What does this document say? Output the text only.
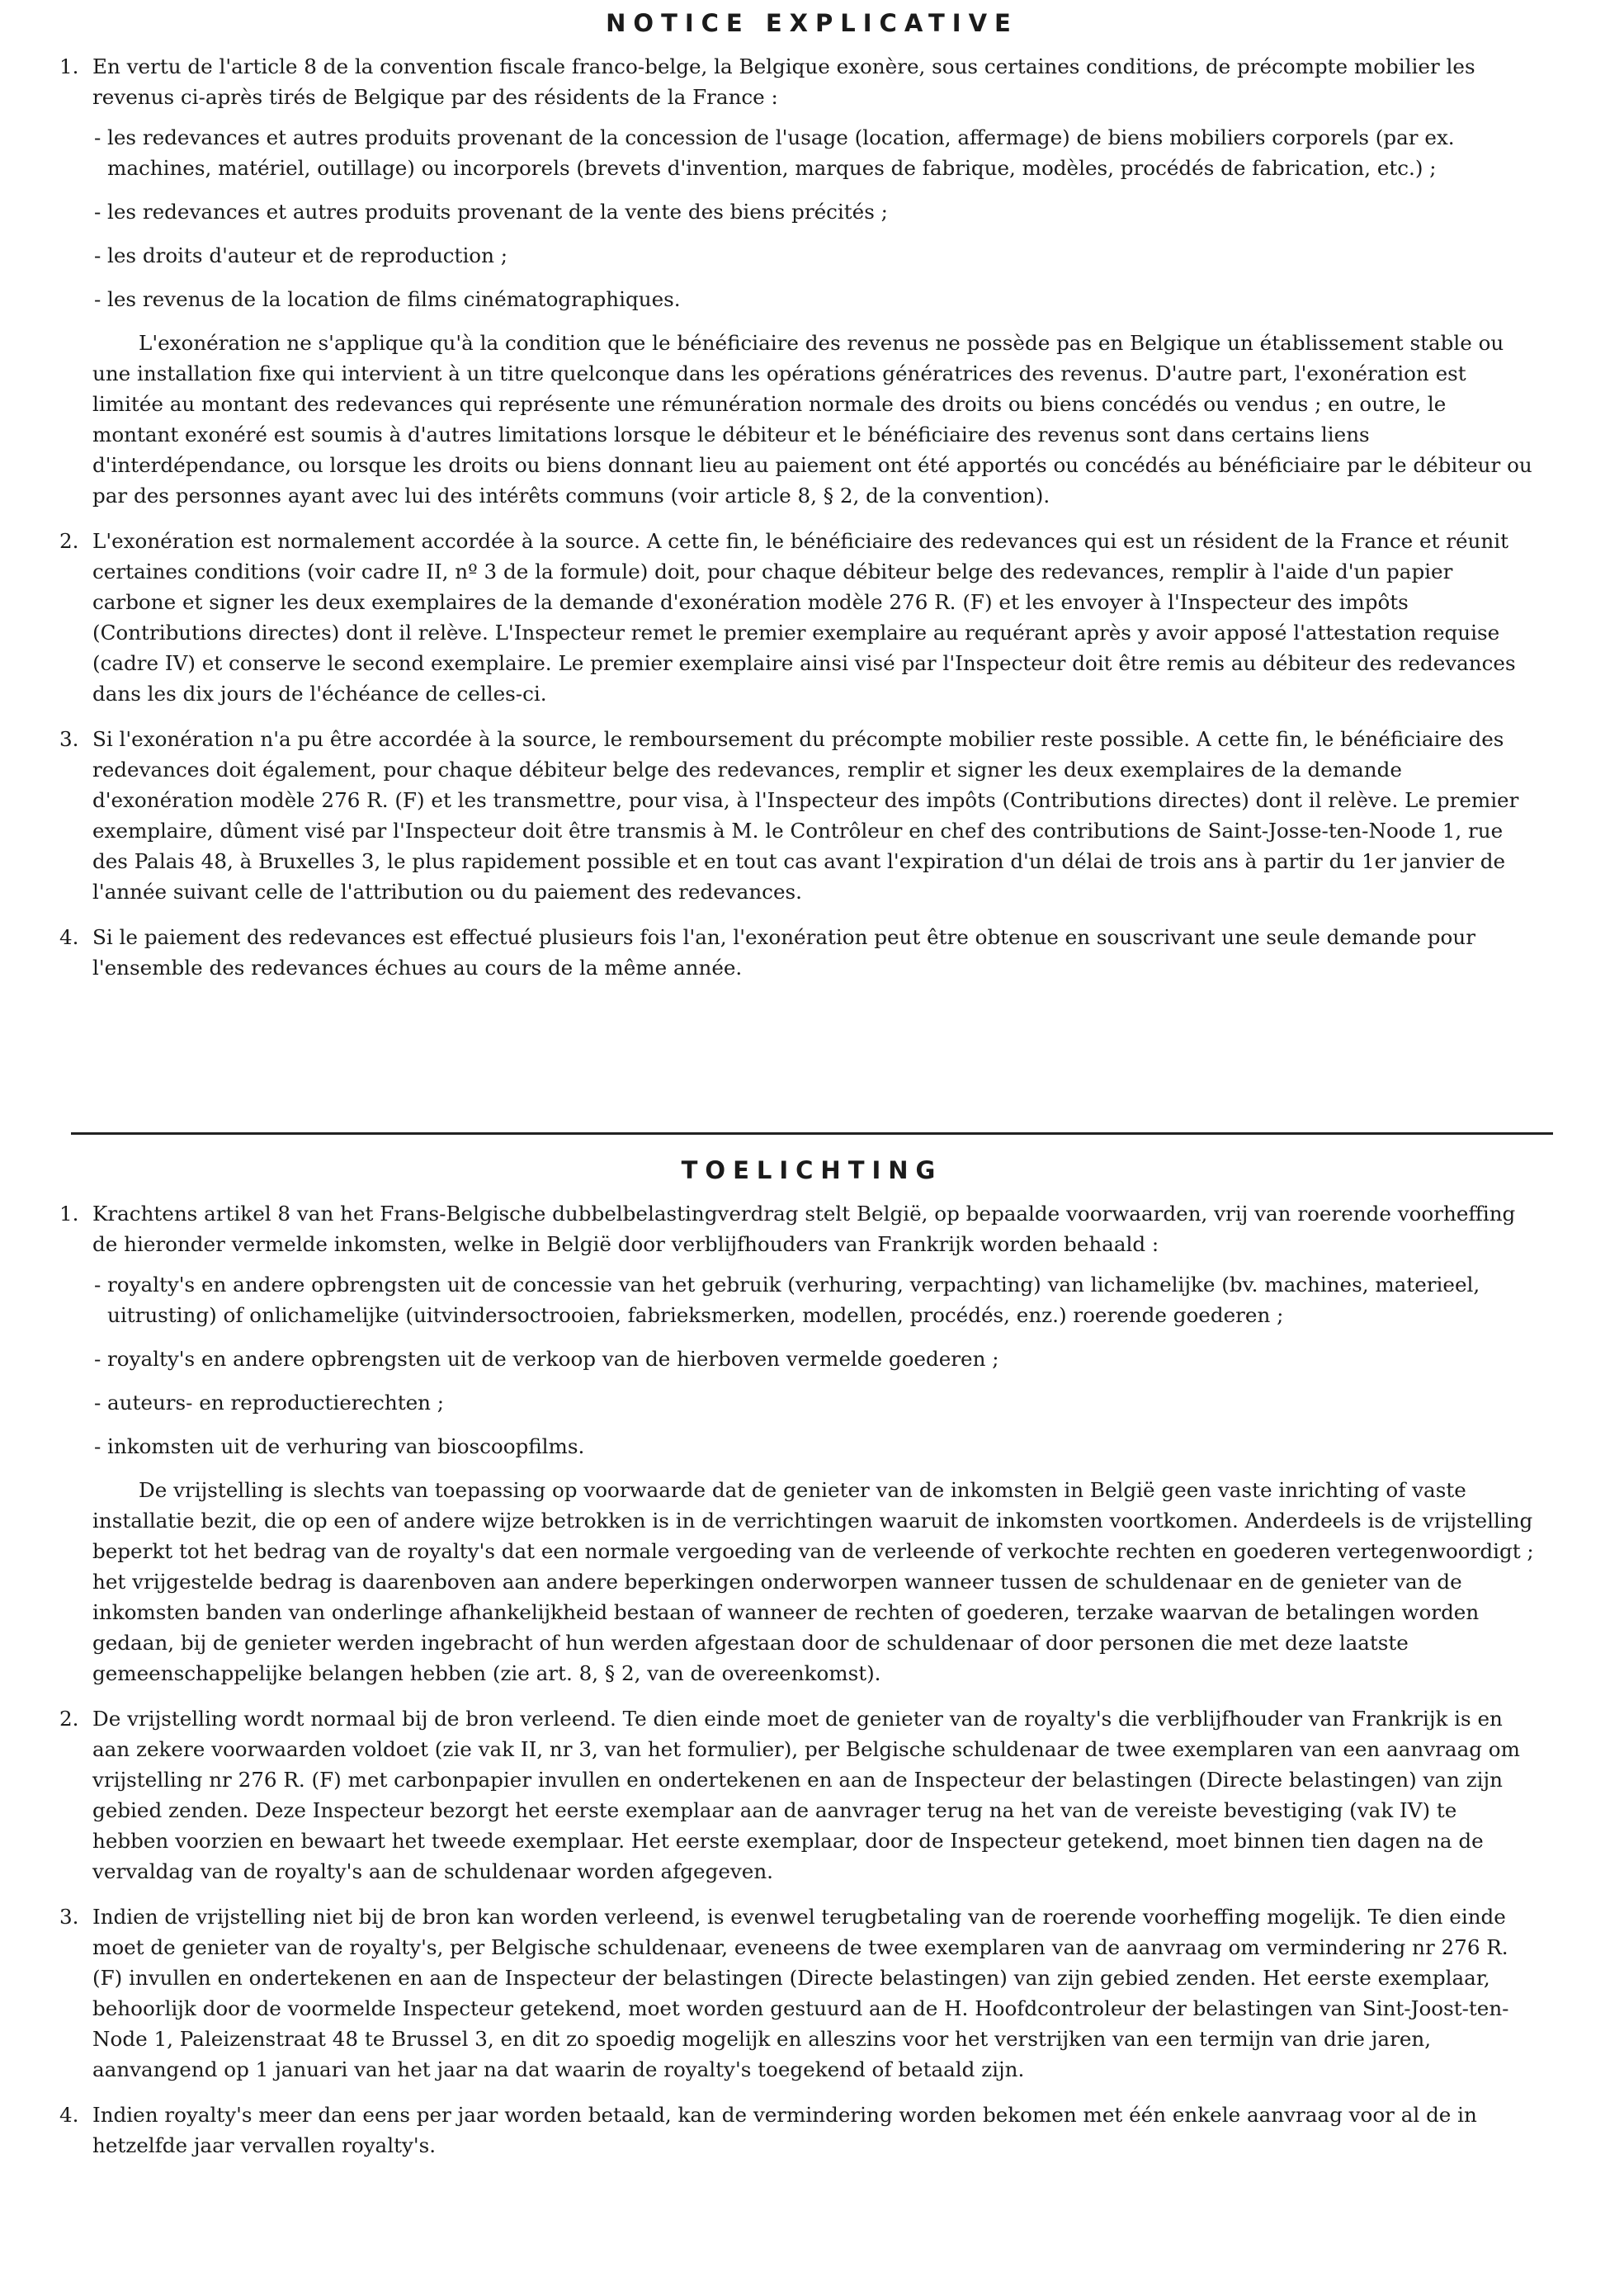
NOTICE EXPLICATIVE
1. En vertu de l'article 8 de la convention fiscale franco-belge, la Belgique exonère, sous certaines conditions, de précompte mobilier les revenus ci-après tirés de Belgique par des résidents de la France :
- les redevances et autres produits provenant de la concession de l'usage (location, affermage) de biens mobiliers corporels (par ex. machines, matériel, outillage) ou incorporels (brevets d'invention, marques de fabrique, modèles, procédés de fabrication, etc.) ;
- les redevances et autres produits provenant de la vente des biens précités ;
- les droits d'auteur et de reproduction ;
- les revenus de la location de films cinématographiques.

L'exonération ne s'applique qu'à la condition que le bénéficiaire des revenus ne possède pas en Belgique un établissement stable ou une installation fixe qui intervient à un titre quelconque dans les opérations génératrices des revenus. D'autre part, l'exonération est limitée au montant des redevances qui représente une rémunération normale des droits ou biens concédés ou vendus ; en outre, le montant exonéré est soumis à d'autres limitations lorsque le débiteur et le bénéficiaire des revenus sont dans certains liens d'interdépendance, ou lorsque les droits ou biens donnant lieu au paiement ont été apportés ou concédés au bénéficiaire par le débiteur ou par des personnes ayant avec lui des intérêts communs (voir article 8, § 2, de la convention).

2. L'exonération est normalement accordée à la source. A cette fin, le bénéficiaire des redevances qui est un résident de la France et réunit certaines conditions (voir cadre II, nº 3 de la formule) doit, pour chaque débiteur belge des redevances, remplir à l'aide d'un papier carbone et signer les deux exemplaires de la demande d'exonération modèle 276 R. (F) et les envoyer à l'Inspecteur des impôts (Contributions directes) dont il relève. L'Inspecteur remet le premier exemplaire au requérant après y avoir apposé l'attestation requise (cadre IV) et conserve le second exemplaire. Le premier exemplaire ainsi visé par l'Inspecteur doit être remis au débiteur des redevances dans les dix jours de l'échéance de celles-ci.
3. Si l'exonération n'a pu être accordée à la source, le remboursement du précompte mobilier reste possible. A cette fin, le bénéficiaire des redevances doit également, pour chaque débiteur belge des redevances, remplir et signer les deux exemplaires de la demande d'exonération modèle 276 R. (F) et les transmettre, pour visa, à l'Inspecteur des impôts (Contributions directes) dont il relève. Le premier exemplaire, dûment visé par l'Inspecteur doit être transmis à M. le Contrôleur en chef des contributions de Saint-Josse-ten-Noode 1, rue des Palais 48, à Bruxelles 3, le plus rapidement possible et en tout cas avant l'expiration d'un délai de trois ans à partir du 1er janvier de l'année suivant celle de l'attribution ou du paiement des redevances.
4. Si le paiement des redevances est effectué plusieurs fois l'an, l'exonération peut être obtenue en souscrivant une seule demande pour l'ensemble des redevances échues au cours de la même année.
TOELICHTING
1. Krachtens artikel 8 van het Frans-Belgische dubbelbelastingverdrag stelt België, op bepaalde voorwaarden, vrij van roerende voorheffing de hieronder vermelde inkomsten, welke in België door verblijfhouders van Frankrijk worden behaald :
- royalty's en andere opbrengsten uit de concessie van het gebruik (verhuring, verpachting) van lichamelijke (bv. machines, materieel, uitrusting) of onlichamelijke (uitvindersoctrooien, fabrieksmerken, modellen, procédés, enz.) roerende goederen ;
- royalty's en andere opbrengsten uit de verkoop van de hierboven vermelde goederen ;
- auteurs- en reproductierechten ;
- inkomsten uit de verhuring van bioscoopfilms.

De vrijstelling is slechts van toepassing op voorwaarde dat de genieter van de inkomsten in België geen vaste inrichting of vaste installatie bezit, die op een of andere wijze betrokken is in de verrichtingen waaruit de inkomsten voortkomen. Anderdeels is de vrijstelling beperkt tot het bedrag van de royalty's dat een normale vergoeding van de verleende of verkochte rechten en goederen vertegenwoordigt ; het vrijgestelde bedrag is daarenboven aan andere beperkingen onderworpen wanneer tussen de schuldenaar en de genieter van de inkomsten banden van onderlinge afhankelijkheid bestaan of wanneer de rechten of goederen, terzake waarvan de betalingen worden gedaan, bij de genieter werden ingebracht of hun werden afgestaan door de schuldenaar of door personen die met deze laatste gemeenschappelijke belangen hebben (zie art. 8, § 2, van de overeenkomst).

2. De vrijstelling wordt normaal bij de bron verleend. Te dien einde moet de genieter van de royalty's die verblijfhouder van Frankrijk is en aan zekere voorwaarden voldoet (zie vak II, nr 3, van het formulier), per Belgische schuldenaar de twee exemplaren van een aanvraag om vrijstelling nr 276 R. (F) met carbonpapier invullen en ondertekenen en aan de Inspecteur der belastingen (Directe belastingen) van zijn gebied zenden. Deze Inspecteur bezorgt het eerste exemplaar aan de aanvrager terug na het van de vereiste bevestiging (vak IV) te hebben voorzien en bewaart het tweede exemplaar. Het eerste exemplaar, door de Inspecteur getekend, moet binnen tien dagen na de vervaldag van de royalty's aan de schuldenaar worden afgegeven.
3. Indien de vrijstelling niet bij de bron kan worden verleend, is evenwel terugbetaling van de roerende voorheffing mogelijk. Te dien einde moet de genieter van de royalty's, per Belgische schuldenaar, eveneens de twee exemplaren van de aanvraag om vermindering nr 276 R. (F) invullen en ondertekenen en aan de Inspecteur der belastingen (Directe belastingen) van zijn gebied zenden. Het eerste exemplaar, behoorlijk door de voormelde Inspecteur getekend, moet worden gestuurd aan de H. Hoofdcontroleur der belastingen van Sint-Joost-ten-Node 1, Paleizenstraat 48 te Brussel 3, en dit zo spoedig mogelijk en alleszins voor het verstrijken van een termijn van drie jaren, aanvangend op 1 januari van het jaar na dat waarin de royalty's toegekend of betaald zijn.
4. Indien royalty's meer dan eens per jaar worden betaald, kan de vermindering worden bekomen met één enkele aanvraag voor al de in hetzelfde jaar vervallen royalty's.
